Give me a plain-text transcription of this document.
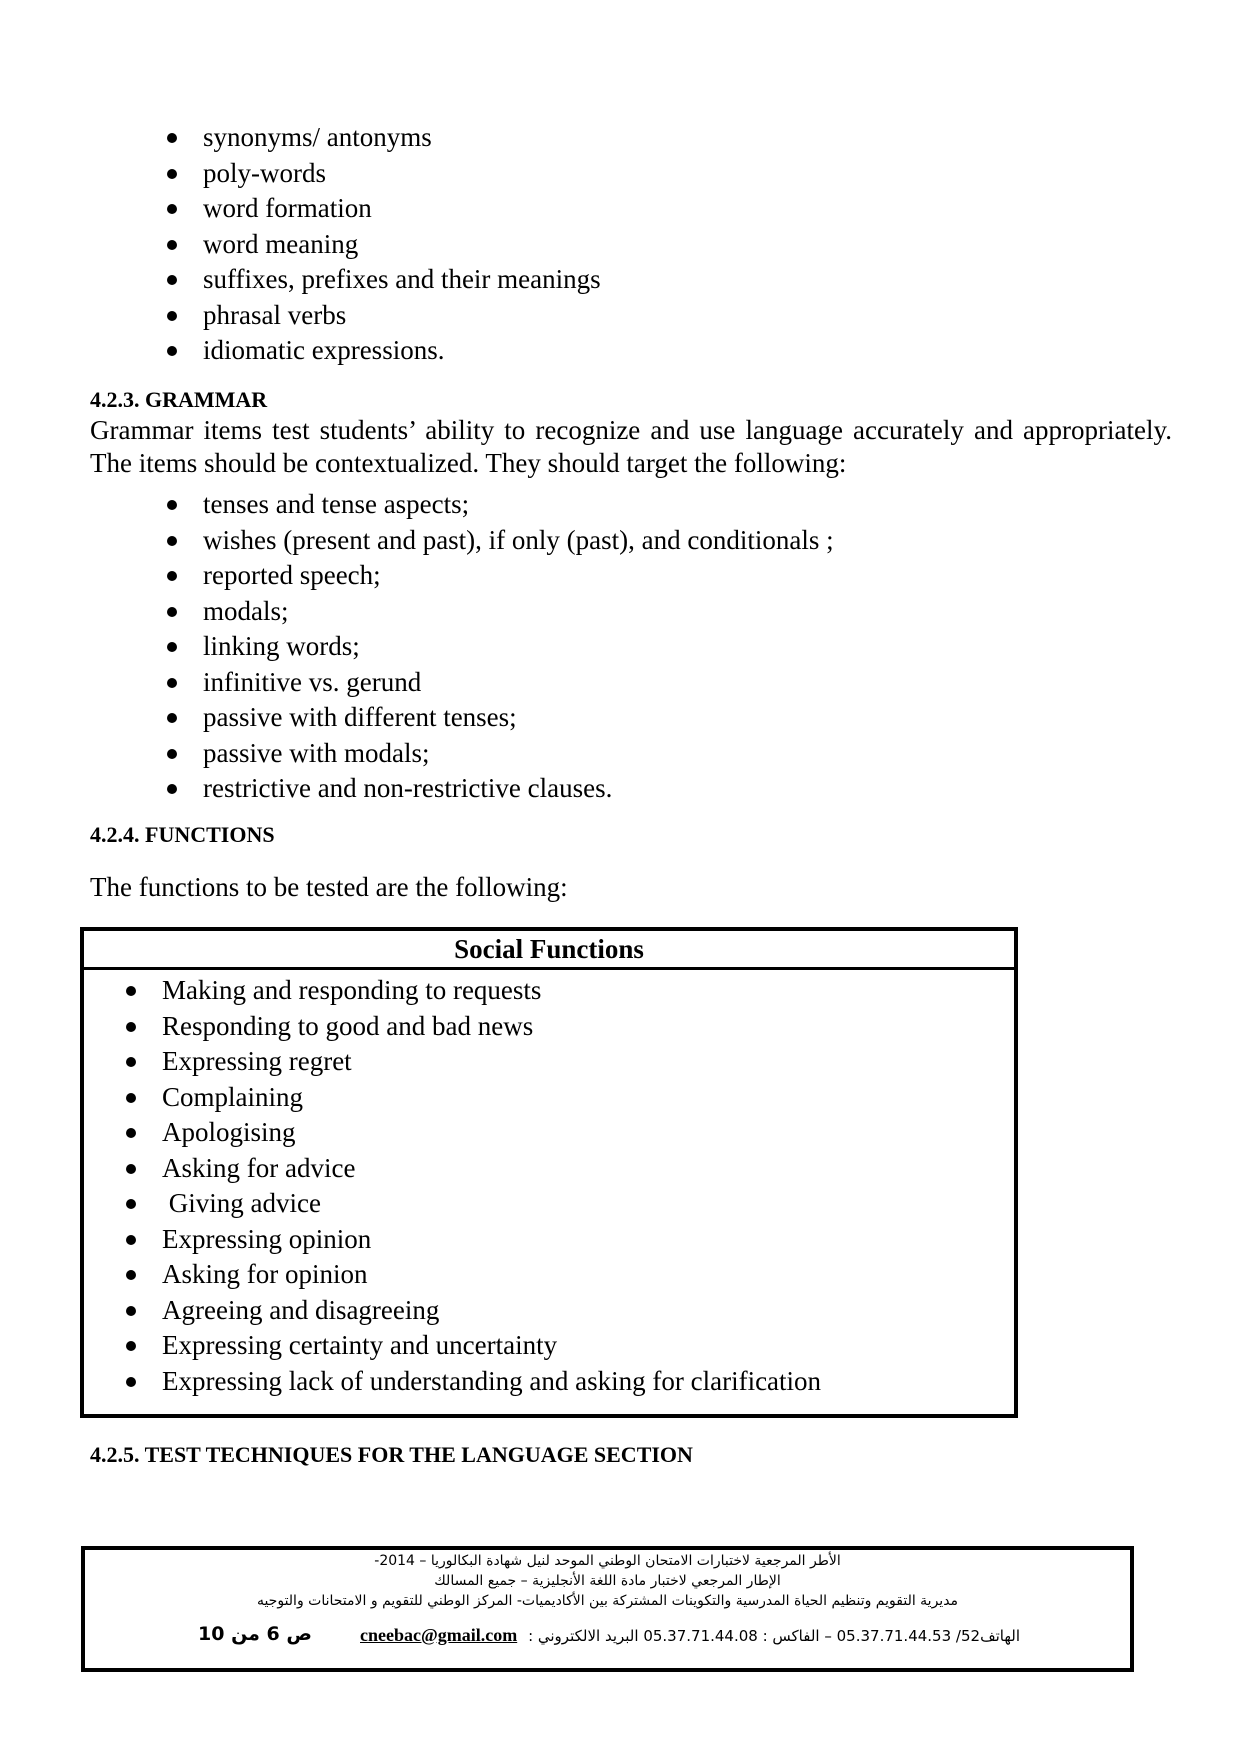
synonyms/ antonyms
poly-words
word formation
word meaning
suffixes, prefixes and their meanings
phrasal verbs
idiomatic expressions.
4.2.3. GRAMMAR
Grammar items test students’ ability to recognize and use language accurately and appropriately. The items should be contextualized. They should target the following:
tenses and tense aspects;
wishes (present and past), if only (past), and conditionals ;
reported speech;
modals;
linking words;
infinitive vs. gerund
passive with different tenses;
passive with modals;
restrictive and non-restrictive clauses.
4.2.4. FUNCTIONS
The functions to be tested are the following:
Social Functions
Making and responding to requests
Responding to good and bad news
Expressing regret
Complaining
Apologising
Asking for advice
Giving advice
Expressing opinion
Asking for opinion
Agreeing and disagreeing
Expressing certainty and uncertainty
Expressing lack of understanding and asking for clarification
4.2.5. TEST TECHNIQUES FOR THE LANGUAGE SECTION
الأطر المرجعية لاختبارات الامتحان الوطني الموحد لنيل شهادة البكالوريا – 2014-
الإطار المرجعي لاختبار مادة اللغة الأنجليزية – جميع المسالك
مديرية التقويم وتنظيم الحياة المدرسية والتكوينات المشتركة بين الأكاديميات- المركز الوطني للتقويم و الامتحانات والتوجيه
الهاتف52/ 05.37.71.44.53 – الفاكس : 05.37.71.44.08 البريد الالكتروني :
cneebac@gmail.com
ص 6 من 10
